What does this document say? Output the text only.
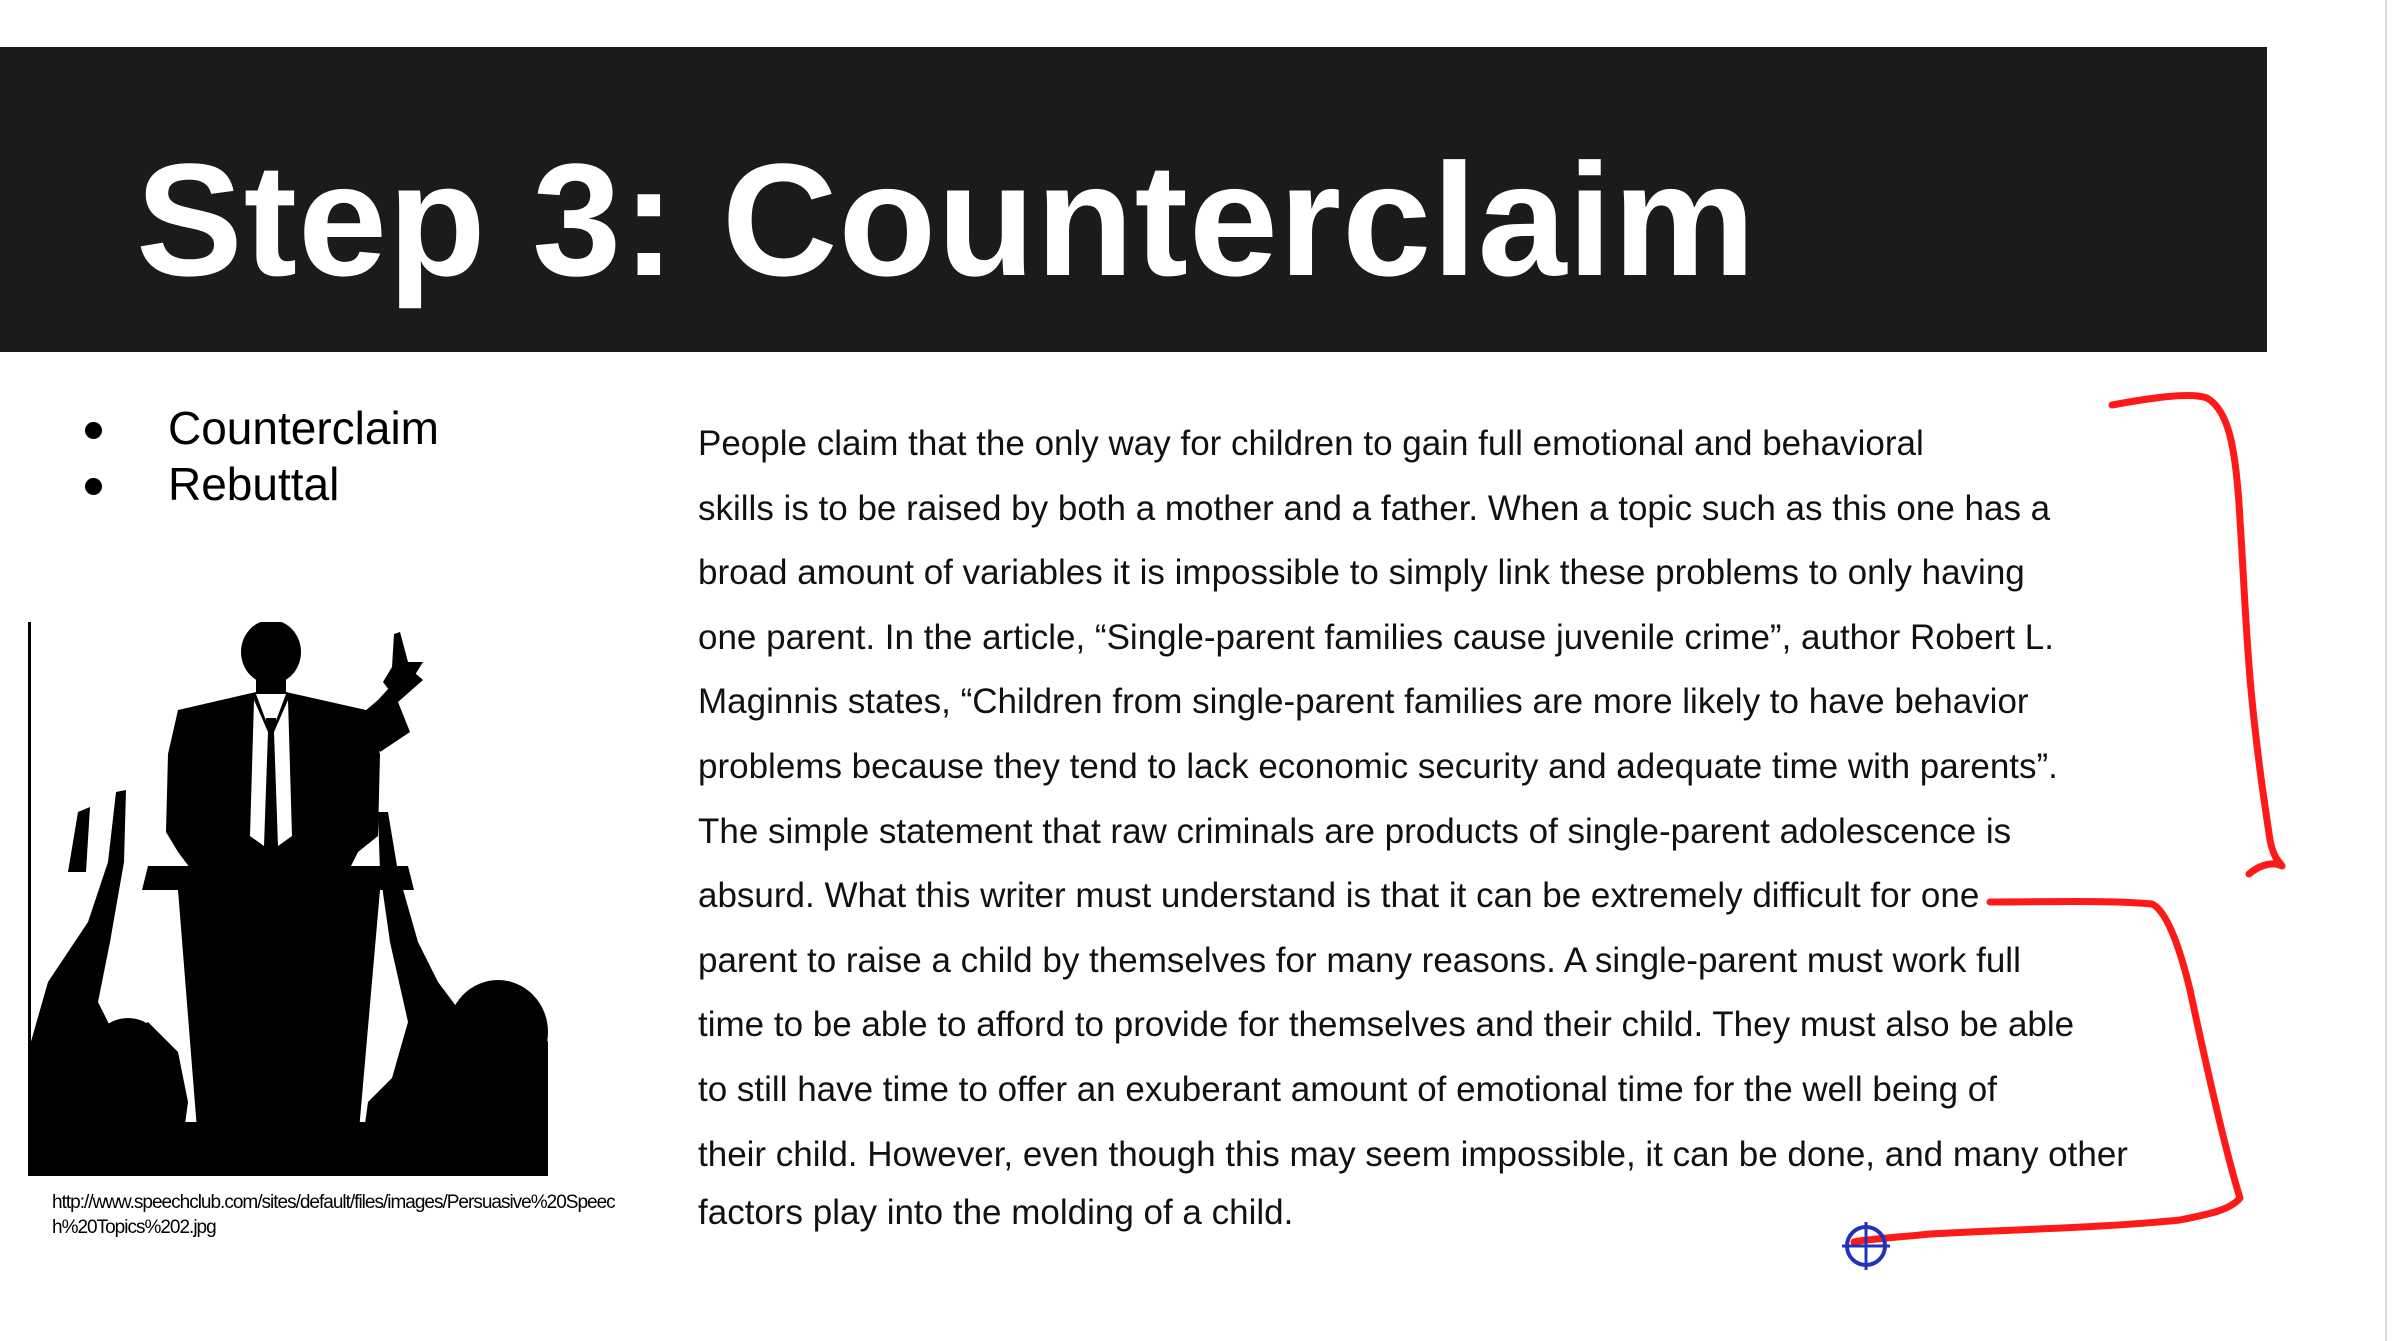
Step 3: Counterclaim
Counterclaim
Rebuttal
http://www.speechclub.com/sites/default/files/images/Persuasive%20Speech%20Topics%202.jpg
People claim that the only way for children to gain full emotional and behavioral
skills is to be raised by both a mother and a father. When a topic such as this one has a
broad amount of variables it is impossible to simply link these problems to only having
one parent. In the article, “Single-parent families cause juvenile crime”, author Robert L.
Maginnis states, “Children from single-parent families are more likely to have behavior
problems because they tend to lack economic security and adequate time with parents”.
The simple statement that raw criminals are products of single-parent adolescence is
absurd. What this writer must understand is that it can be extremely difficult for one
parent to raise a child by themselves for many reasons. A single-parent must work full
time to be able to afford to provide for themselves and their child. They must also be able
to still have time to offer an exuberant amount of emotional time for the well being of
their child. However, even though this may seem impossible, it can be done, and many other
factors play into the molding of a child.
